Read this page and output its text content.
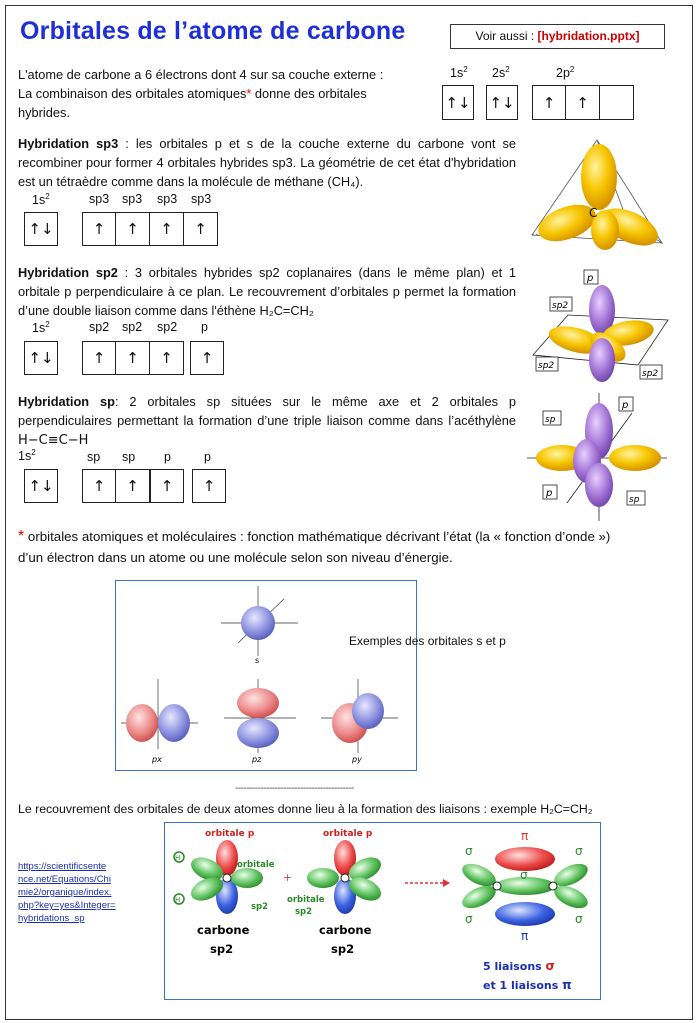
Orbitales de l’atome de carbone	Voir aussi : [hybridation.pptx]
L'atome de carbone a 6 électrons dont 4 sur sa couche externe :
La combinaison des orbitales atomiques* donne des orbitales
hybrides.
$1s^2$ $2s^2$	$2p^2$
↑↓ ↑↓	↑	↑
Hybridation sp3 : les orbitales p et s de la couche externe du carbone vont se recombiner pour former 4 orbitales hybrides sp3. La géométrie de cet état d'hybridation est un tétraèdre comme dans la molécule de méthane (CH₄).
$1s^2$	sp3 sp3 sp3 sp3
↑↓	↑	↑	↑	↑
C
Hybridation sp2 : 3 orbitales hybrides sp2 coplanaires (dans le même plan) et 1 orbitale p perpendiculaire à ce plan. Le recouvrement d’orbitales p permet la formation d’une double liaison comme dans l'éthène H₂C=CH₂
$1s^2$	sp2 sp2 sp2 p
↑↓	↑	↑	↑	↑
p
sp2
sp2
sp2
Hybridation sp: 2 orbitales sp situées sur le même axe et 2 orbitales p perpendiculaires permettant la formation d’une triple liaison comme dans l’acéthylène H−C≡C−H
$1s^2$	sp sp p	p
↑↓	↑	↑	↑	↑
sp
p
p
sp
* orbitales atomiques et moléculaires : fonction mathématique décrivant l’état (la « fonction d’onde ») d’un électron dans un atome ou une molécule selon son niveau d’énergie.
s
px	pz	py
Exemples des orbitales s et p
------------------------------------------
Le recouvrement des orbitales de deux atomes donne lieu à la formation des liaisons : exemple H₂C=CH₂
https://scientificsente
nce.net/Equations/Chi
mie2/organique/index.
php?key=yes&Integer=
hybridations_sp
orbitale p
H
H
orbitale
sp2
carbone
sp2
+
orbitale p
orbitale
sp2
carbone
sp2
π
π
σ	σ
σ	σ
σ
5 liaisons σ
et 1 liaisons π
